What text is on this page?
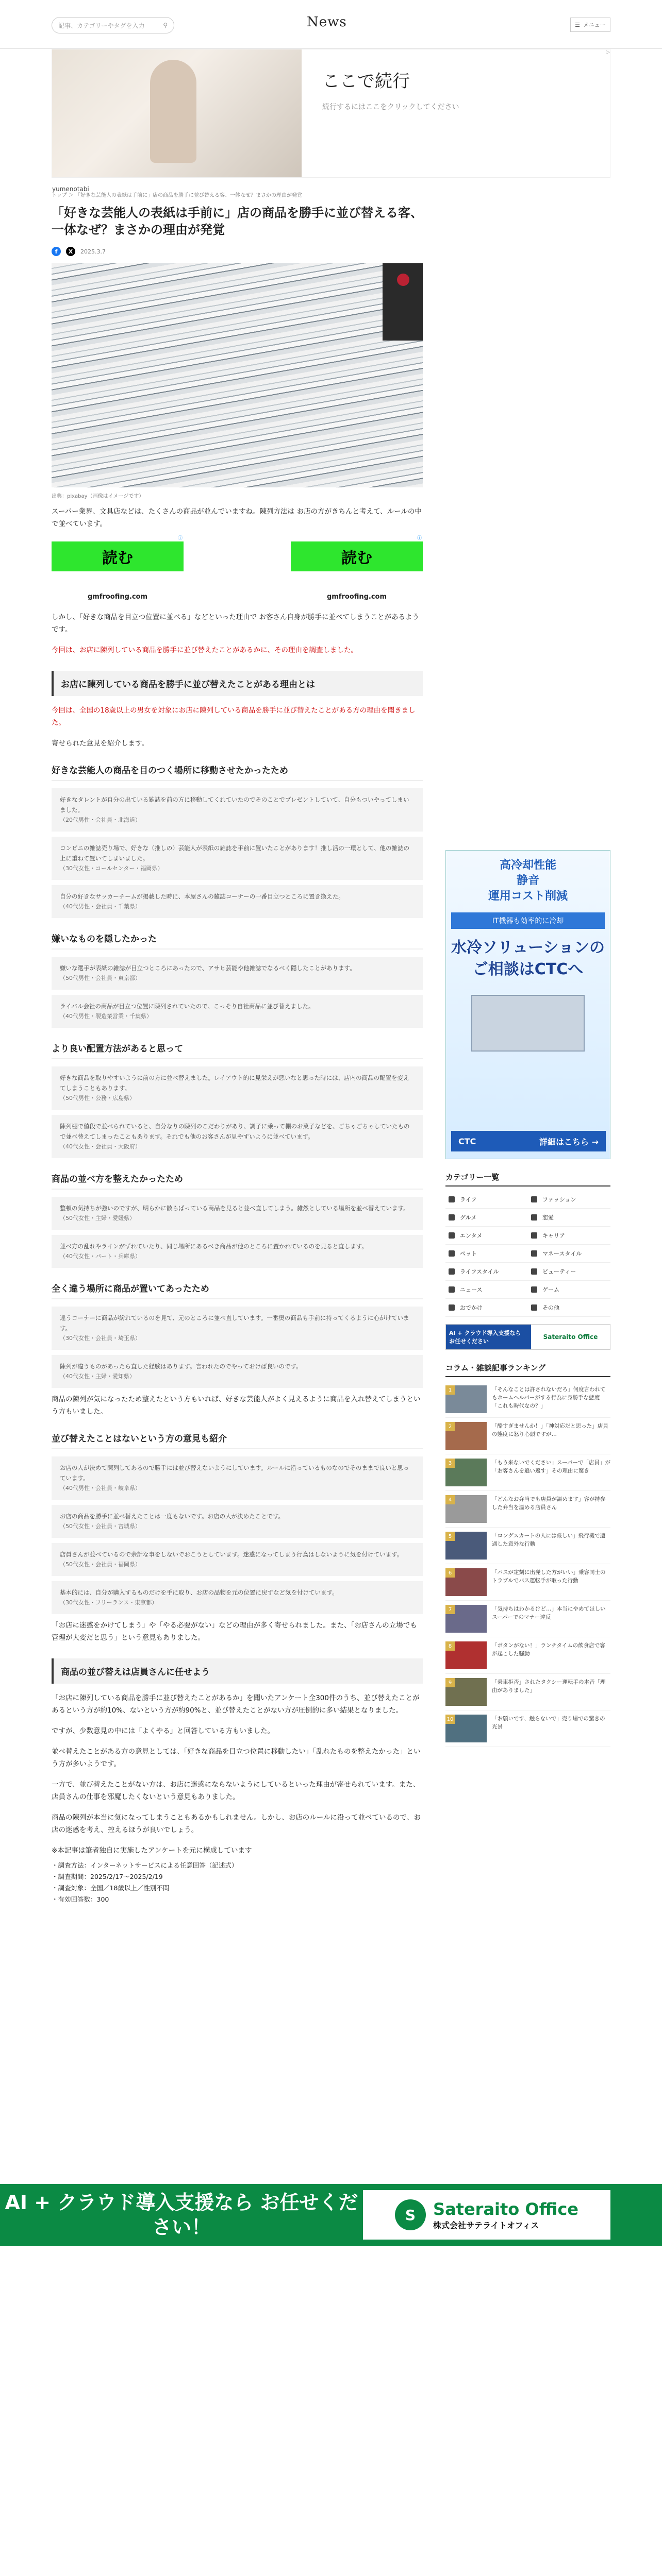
記事、カテゴリーやタグを入力	⚲	News	☰ メニュー
ここで続行
続行するにはここをクリックしてください
▷
yumenotabi
トップ ＞ 「好きな芸能人の表紙は手前に」店の商品を勝手に並び替える客、一体なぜ？まさかの理由が発覚
「好きな芸能人の表紙は手前に」店の商品を勝手に並び替える客、一体なぜ？まさかの理由が発覚
f	X	2025.3.7
出典：pixabay（画像はイメージです）

スーパー業界、文具店などは、たくさんの商品が並んでいますね。陳列方法は お店の方がきちんと考えて、ルールの中で並べています。

ⓘ
読む
gmfroofing.com
ⓘ
読む
gmfroofing.com

しかし、「好きな商品を目立つ位置に並べる」などといった理由で お客さん自身が勝手に並べてしまうことがあるようです。

今回は、お店に陳列している商品を勝手に並び替えたことがあるかに、その理由を調査しました。

お店に陳列している商品を勝手に並び替えたことがある理由とは

今回は、全国の18歳以上の男女を対象にお店に陳列している商品を勝手に並び替えたことがある方の理由を聞きました。

寄せられた意見を紹介します。

好きな芸能人の商品を目のつく場所に移動させたかったため
好きなタレントが自分の出ている雑誌を前の方に移動してくれていたのでそのことでプレゼントしていて、自分もついやってしまいました。
（20代男性・会社員・北海道）
コンビニの雑誌売り場で、好きな（推しの）芸能人が表紙の雑誌を手前に置いたことがあります！推し活の一環として、他の雑誌の上に重ねて置いてしまいました。
（30代女性・コールセンター・福岡県）
自分の好きなサッカーチームが掲載した時に、本屋さんの雑誌コーナーの一番目立つところに置き換えた。
（40代男性・会社員・千葉県）
嫌いなものを隠したかった
嫌いな選手が表紙の雑誌が目立つところにあったので、アサヒ芸能や他雑誌でなるべく隠したことがあります。
（50代男性・会社員・東京都）
ライバル会社の商品が目立つ位置に陳列されていたので、こっそり自社商品に並び替えました。
（40代男性・製造業営業・千葉県）
より良い配置方法があると思って
好きな商品を取りやすいように前の方に並べ替えました。レイアウト的に見栄えが悪いなと思った時には、店内の商品の配置を変えてしまうこともあります。
（50代男性・公務・広島県）
陳列棚で値段で並べられていると、自分なりの陳列のこだわりがあり、調子に乗って棚のお菓子などを、ごちゃごちゃしていたもので並べ替えてしまったこともあります。それでも他のお客さんが見やすいように並べています。
（40代女性・会社員・大阪府）
商品の並べ方を整えたかったため
整頓の気持ちが強いのですが、明らかに散らばっている商品を見ると並べ直してしまう。雑然としている場所を並べ替えています。
（50代女性・主婦・愛媛県）
並べ方の乱れやラインがずれていたり、同じ場所にあるべき商品が他のところに置かれているのを見ると直します。
（40代女性・パート・兵庫県）
全く違う場所に商品が置いてあったため
違うコーナーに商品が紛れているのを見て、元のところに並べ直しています。一番奥の商品も手前に持ってくるように心がけています。
（30代女性・会社員・埼玉県）
陳列が違うものがあったら直した経験はあります。言われたのでやっておけば良いのです。
（40代女性・主婦・愛知県）

商品の陳列が気になったため整えたという方もいれば、好きな芸能人がよく見えるように商品を入れ替えてしまうという方もいました。

並び替えたことはないという方の意見も紹介
お店の人が決めて陳列してあるので勝手には並び替えないようにしています。ルールに沿っているものなのでそのままで良いと思っています。
（40代男性・会社員・岐阜県）
お店の商品を勝手に並べ替えたことは一度もないです。お店の人が決めたことです。
（50代女性・会社員・宮城県）
店員さんが並べているので余計な事をしないでおこうとしています。迷惑になってしまう行為はしないように気を付けています。
（50代女性・会社員・福岡県）
基本的には、自分が購入するものだけを手に取り、お店の品物を元の位置に戻すなど気を付けています。
（30代女性・フリーランス・東京都）

「お店に迷惑をかけてしまう」や「やる必要がない」などの理由が多く寄せられました。また、「お店さんの立場でも管理が大変だと思う」という意見もありました。

商品の並び替えは店員さんに任せよう

「お店に陳列している商品を勝手に並び替えたことがあるか」を聞いたアンケート全300件のうち、並び替えたことがあるという方が約10%、ないという方が約90%と、並び替えたことがない方が圧倒的に多い結果となりました。

ですが、少数意見の中には「よくやる」と回答している方もいました。

並べ替えたことがある方の意見としては、「好きな商品を目立つ位置に移動したい」「乱れたものを整えたかった」という方が多いようです。

一方で、並び替えたことがない方は、お店に迷惑にならないようにしているといった理由が寄せられています。また、店員さんの仕事を邪魔したくないという意見もありました。

商品の陳列が本当に気になってしまうこともあるかもしれません。しかし、お店のルールに沿って並べているので、お店の迷惑を考え、控えるほうが良いでしょう。

※本記事は筆者独自に実施したアンケートを元に構成しています

・調査方法：インターネットサービスによる任意回答（記述式）
・調査期間：2025/2/17〜2025/2/19
・調査対象：全国／18歳以上／性別不問
・有効回答数：300
高冷却性能
静音
運用コスト削減
IT機器も効率的に冷却
水冷ソリューションのご相談はCTCへ
CTC	詳細はこちら →
カテゴリー一覧
ライフ	ファッション
グルメ	恋愛
エンタメ	キャリア
ペット	マネースタイル
ライフスタイル	ビューティー
ニュース	ゲーム
おでかけ	その他
AI + クラウド導入支援なら お任せください
Sateraito Office
コラム・雑談記事ランキング
1	「そんなことは許されないだろ」何度言われてもホームヘルパーがする行為に身勝手な態度「これも時代なの？」
2	「酷すぎませんか！」「神対応だと思った」店員の態度に怒り心頭ですが…
3	「もう来ないでください」スーパーで「店員」が「お客さんを追い返す」その理由に驚き
4	「どんなお弁当でも店員が温めます」客が持参した弁当を温める店員さん
5	「ロングスカートの人には厳しい」飛行機で遭遇した意外な行動
6	「バスが定刻に出発した方がいい」乗客同士のトラブルでバス運転手が取った行動
7	「気持ちはわかるけど…」本当にやめてほしいスーパーでのマナー違反
8	「ボタンがない！」ランチタイムの飲食店で客が起こした騒動
9	「乗車拒否」されたタクシー運転手の本音「理由がありました」
10	「お願いです、触らないで」売り場での驚きの光景
AI + クラウド導入支援なら お任せください！
S	Sateraito Office
株式会社サテライトオフィス
